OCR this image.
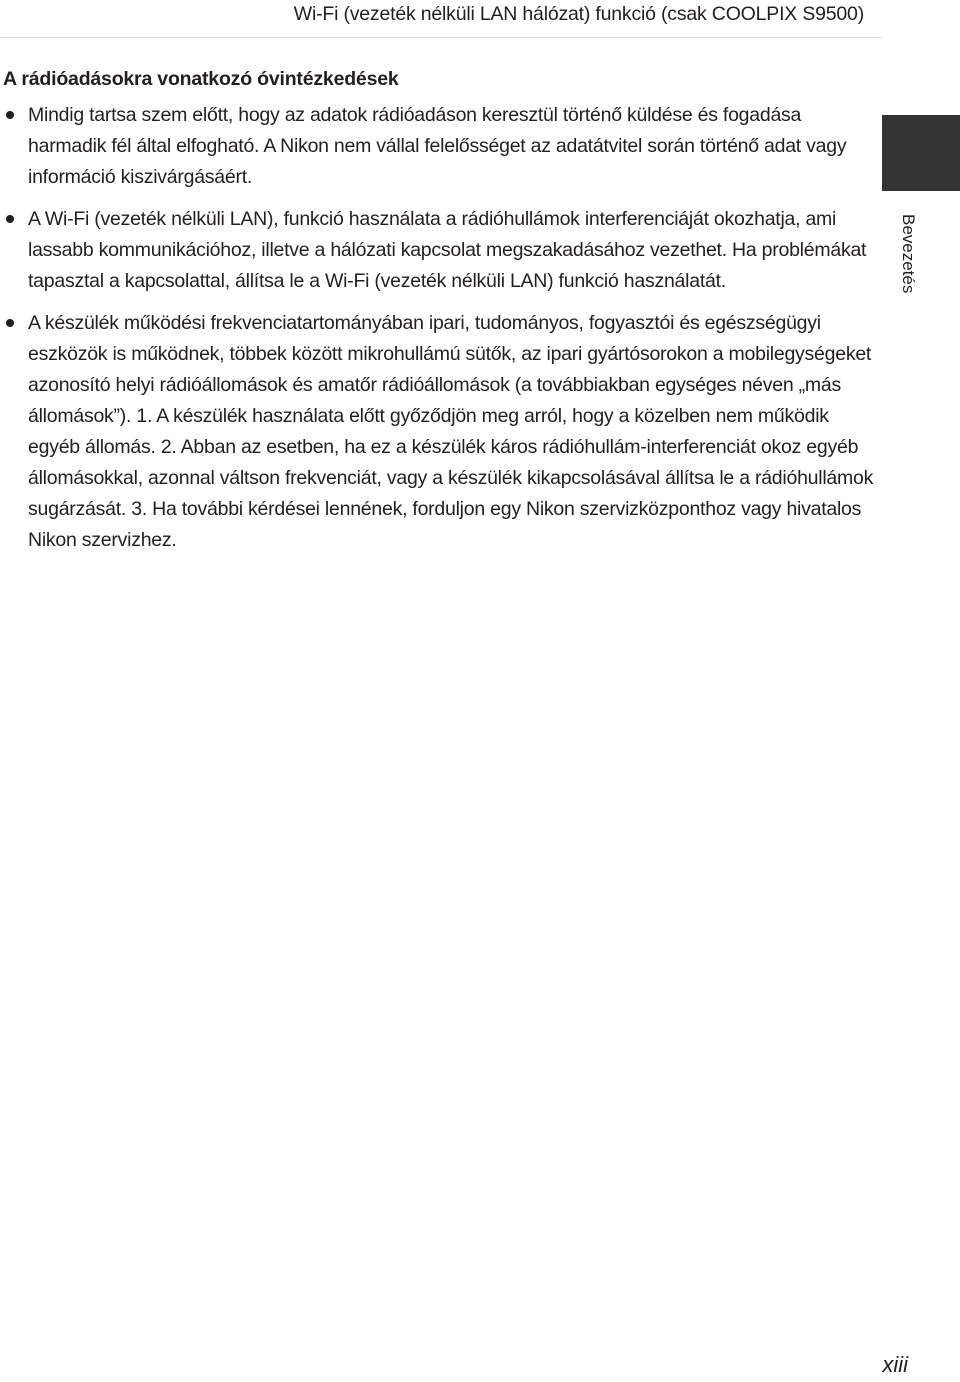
Wi-Fi (vezeték nélküli LAN hálózat) funkció (csak COOLPIX S9500)
A rádióadásokra vonatkozó óvintézkedések
Mindig tartsa szem előtt, hogy az adatok rádióadáson keresztül történő küldése és fogadása harmadik fél által elfogható. A Nikon nem vállal felelősséget az adatátvitel során történő adat vagy információ kiszivárgásáért.
A Wi-Fi (vezeték nélküli LAN), funkció használata a rádióhullámok interferenciáját okozhatja, ami lassabb kommunikációhoz, illetve a hálózati kapcsolat megszakadásához vezethet. Ha problémákat tapasztal a kapcsolattal, állítsa le a Wi-Fi (vezeték nélküli LAN) funkció használatát.
A készülék működési frekvenciatartományában ipari, tudományos, fogyasztói és egészségügyi eszközök is működnek, többek között mikrohullámú sütők, az ipari gyártósorokon a mobilegységeket azonosító helyi rádióállomások és amatőr rádióállomások (a továbbiakban egységes néven „más állomások”). 1. A készülék használata előtt győződjön meg arról, hogy a közelben nem működik egyéb állomás. 2. Abban az esetben, ha ez a készülék káros rádióhullám-interferenciát okoz egyéb állomásokkal, azonnal váltson frekvenciát, vagy a készülék kikapcsolásával állítsa le a rádióhullámok sugárzását. 3. Ha további kérdései lennének, forduljon egy Nikon szervizközponthoz vagy hivatalos Nikon szervizhez.
Bevezetés
xiii
